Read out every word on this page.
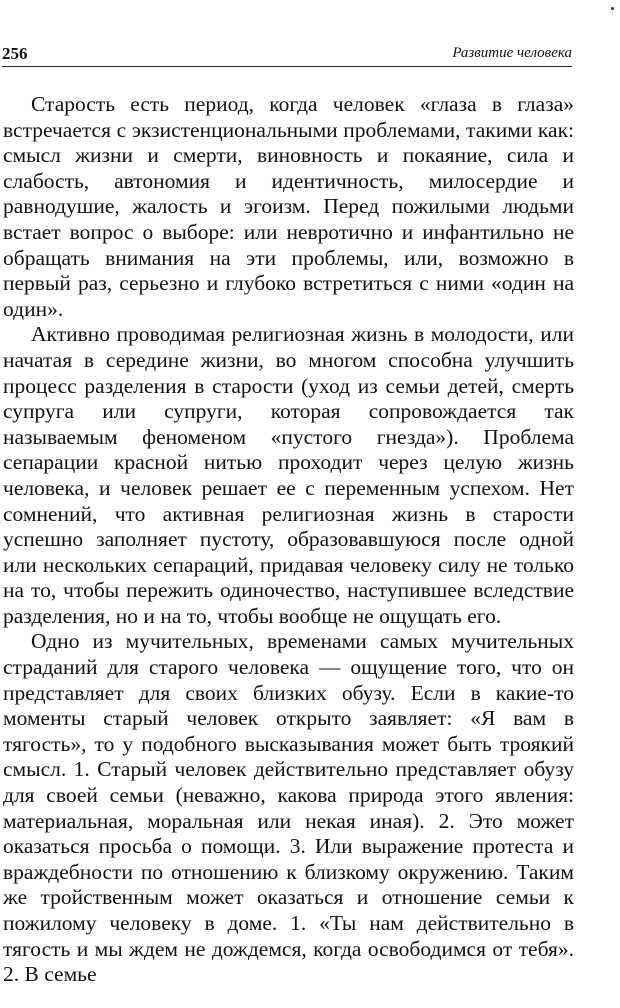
256	Развитие человека

Старость есть период, когда человек «глаза в глаза» встречается с экзистенциональными проблемами, такими как: смысл жизни и смерти, виновность и покаяние, сила и слабость, автономия и идентичность, милосердие и равнодушие, жалость и эгоизм. Перед пожилыми людьми встает вопрос о выборе: или невротично и инфантильно не обращать внимания на эти проблемы, или, возможно в первый раз, серьезно и глубоко встретиться с ними «один на один».

Активно проводимая религиозная жизнь в молодости, или начатая в середине жизни, во многом способна улучшить процесс разделения в старости (уход из семьи детей, смерть супруга или супруги, которая сопровождается так называемым феноменом «пустого гнезда»). Проблема сепарации красной нитью проходит через целую жизнь человека, и человек решает ее с переменным успехом. Нет сомнений, что активная религиозная жизнь в старости успешно заполняет пустоту, образовавшуюся после одной или нескольких сепараций, придавая человеку силу не только на то, чтобы пережить одиночество, наступившее вследствие разделения, но и на то, чтобы вообще не ощущать его.

Одно из мучительных, временами самых мучительных страданий для старого человека — ощущение того, что он представляет для своих близких обузу. Если в какие-то моменты старый человек открыто заявляет: «Я вам в тягость», то у подобного высказывания может быть троякий смысл. 1. Старый человек действительно представляет обузу для своей семьи (неважно, какова природа этого явления: материальная, моральная или некая иная). 2. Это может оказаться просьба о помощи. 3. Или выражение протеста и враждебности по отношению к близкому окружению. Таким же тройственным может оказаться и отношение семьи к пожилому человеку в доме. 1. «Ты нам действительно в тягость и мы ждем не дождемся, когда освободимся от тебя». 2. В семье
